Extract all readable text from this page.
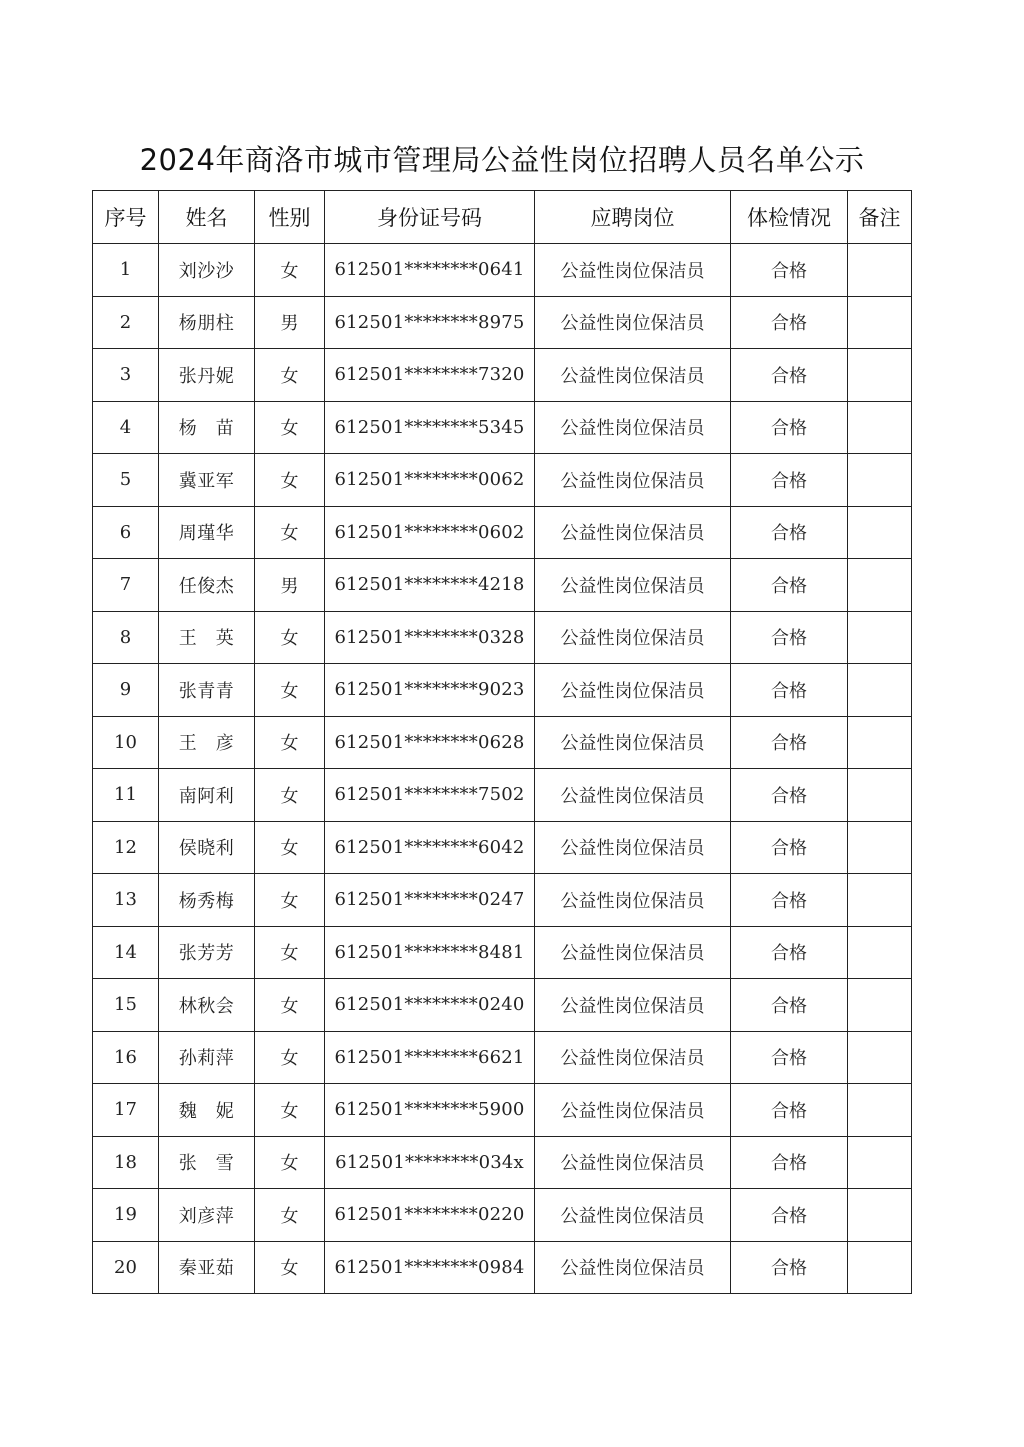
2024年商洛市城市管理局公益性岗位招聘人员名单公示
序号	姓名	性别	身份证号码	应聘岗位	体检情况	备注
1	刘沙沙	女	612501********0641	公益性岗位保洁员	合格	
2	杨朋柱	男	612501********8975	公益性岗位保洁员	合格	
3	张丹妮	女	612501********7320	公益性岗位保洁员	合格	
4	杨　苗	女	612501********5345	公益性岗位保洁员	合格	
5	冀亚军	女	612501********0062	公益性岗位保洁员	合格	
6	周瑾华	女	612501********0602	公益性岗位保洁员	合格	
7	任俊杰	男	612501********4218	公益性岗位保洁员	合格	
8	王　英	女	612501********0328	公益性岗位保洁员	合格	
9	张青青	女	612501********9023	公益性岗位保洁员	合格	
10	王　彦	女	612501********0628	公益性岗位保洁员	合格	
11	南阿利	女	612501********7502	公益性岗位保洁员	合格	
12	侯晓利	女	612501********6042	公益性岗位保洁员	合格	
13	杨秀梅	女	612501********0247	公益性岗位保洁员	合格	
14	张芳芳	女	612501********8481	公益性岗位保洁员	合格	
15	林秋会	女	612501********0240	公益性岗位保洁员	合格	
16	孙莉萍	女	612501********6621	公益性岗位保洁员	合格	
17	魏　妮	女	612501********5900	公益性岗位保洁员	合格	
18	张　雪	女	612501********034x	公益性岗位保洁员	合格	
19	刘彦萍	女	612501********0220	公益性岗位保洁员	合格	
20	秦亚茹	女	612501********0984	公益性岗位保洁员	合格	
